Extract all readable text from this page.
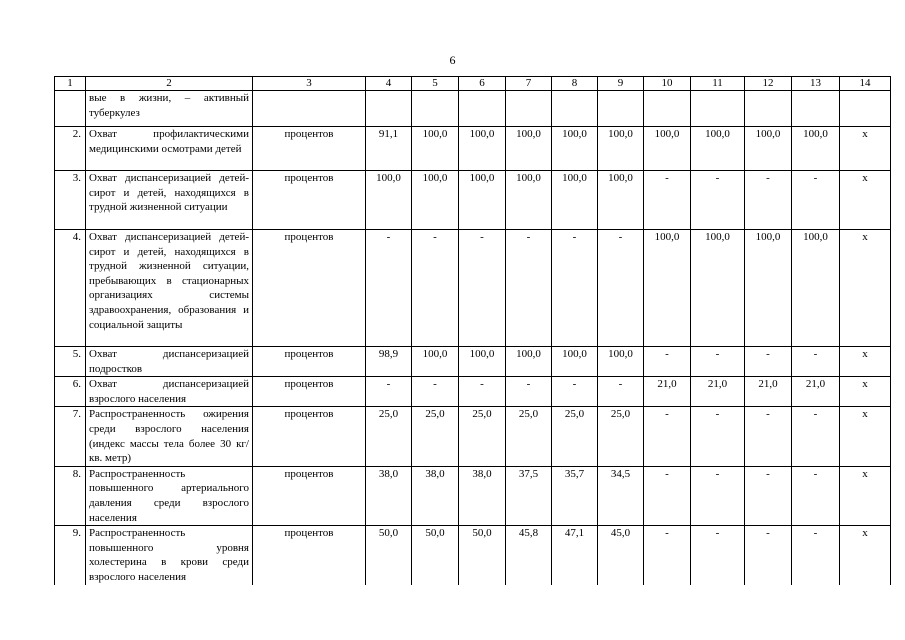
6
1	2	3	4	5	6	7	8	9	10	11	12	13	14
	вые в жизни, – активный туберкулез												
2.	Охват профилактическими медицинскими осмотрами детей	процентов	91,1	100,0	100,0	100,0	100,0	100,0	100,0	100,0	100,0	100,0	х
3.	Охват диспансеризацией детей-сирот и детей, находящихся в трудной жизненной ситуации	процентов	100,0	100,0	100,0	100,0	100,0	100,0	-	-	-	-	х
4.	Охват диспансеризацией детей-сирот и детей, находящихся в трудной жизненной ситуации, пребывающих в стационарных организациях системы здравоохранения, образования и социальной защиты	процентов	-	-	-	-	-	-	100,0	100,0	100,0	100,0	х
5.	Охват диспансеризацией подростков	процентов	98,9	100,0	100,0	100,0	100,0	100,0	-	-	-	-	х
6.	Охват диспансеризацией взрослого населения	процентов	-	-	-	-	-	-	21,0	21,0	21,0	21,0	х
7.	Распространенность ожирения среди взрослого населения (индекс массы тела более 30 кг/кв. метр)	процентов	25,0	25,0	25,0	25,0	25,0	25,0	-	-	-	-	х
8.	Распространенность повышенного артериального давления среди взрослого населения	процентов	38,0	38,0	38,0	37,5	35,7	34,5	-	-	-	-	х
9.	Распространенность повышенного уровня холестерина в крови среди взрослого населения	процентов	50,0	50,0	50,0	45,8	47,1	45,0	-	-	-	-	х
